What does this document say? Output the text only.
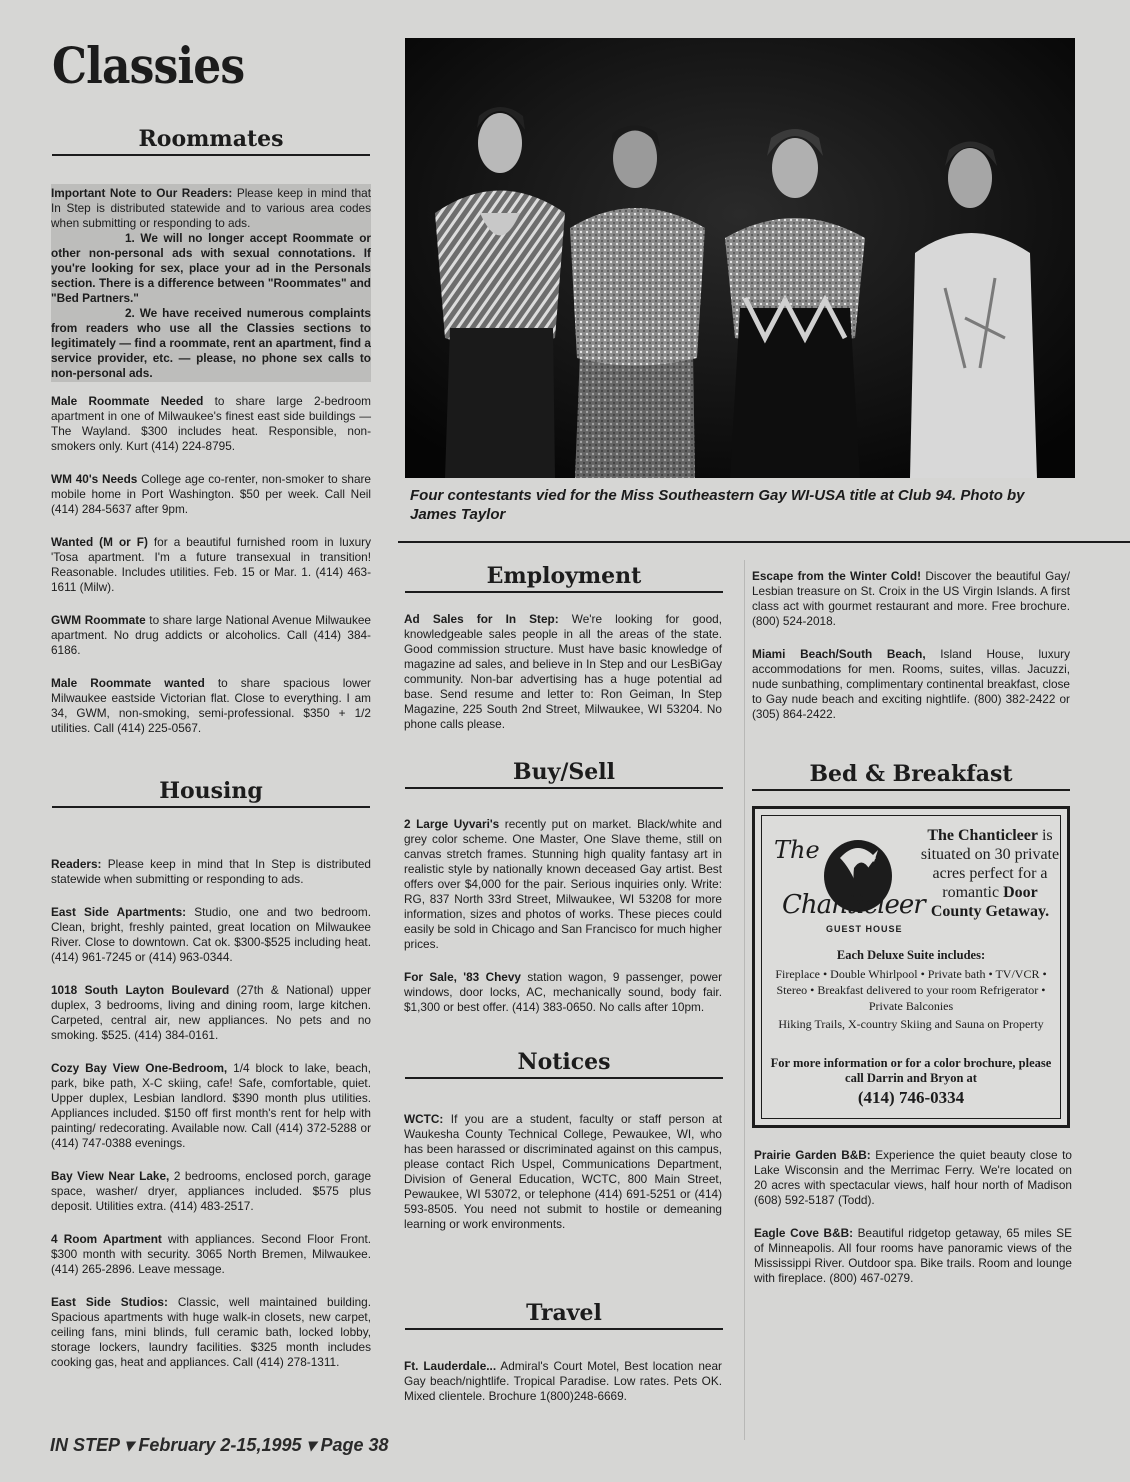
Classies
Roommates

Important Note to Our Readers: Please keep in mind that In Step is distributed statewide and to various area codes when submitting or responding to ads.
1. We will no longer accept Roommate or other non-personal ads with sexual connotations. If you're looking for sex, place your ad in the Personals section. There is a difference between "Roommates" and "Bed Partners."
2. We have received numerous complaints from readers who use all the Classies sections to legitimately — find a roommate, rent an apartment, find a service provider, etc. — please, no phone sex calls to non-personal ads.

Male Roommate Needed to share large 2-bedroom apartment in one of Milwaukee's finest east side buildings — The Wayland. $300 includes heat. Responsible, non-smokers only. Kurt (414) 224-8795.

WM 40's Needs College age co-renter, non-smoker to share mobile home in Port Washington. $50 per week. Call Neil (414) 284-5637 after 9pm.

Wanted (M or F) for a beautiful furnished room in luxury 'Tosa apartment. I'm a future transexual in transition! Reasonable. Includes utilities. Feb. 15 or Mar. 1. (414) 463-1611 (Milw).

GWM Roommate to share large National Avenue Milwaukee apartment. No drug addicts or alcoholics. Call (414) 384-6186.

Male Roommate wanted to share spacious lower Milwaukee eastside Victorian flat. Close to everything. I am 34, GWM, non-smoking, semi-professional. $350 + 1/2 utilities. Call (414) 225-0567.

Housing

Readers: Please keep in mind that In Step is distributed statewide when submitting or responding to ads.

East Side Apartments: Studio, one and two bedroom. Clean, bright, freshly painted, great location on Milwaukee River. Close to downtown. Cat ok. $300-$525 including heat. (414) 961-7245 or (414) 963-0344.

1018 South Layton Boulevard (27th & National) upper duplex, 3 bedrooms, living and dining room, large kitchen. Carpeted, central air, new appliances. No pets and no smoking. $525. (414) 384-0161.

Cozy Bay View One-Bedroom, 1/4 block to lake, beach, park, bike path, X-C skiing, cafe! Safe, comfortable, quiet. Upper duplex, Lesbian landlord. $390 month plus utilities. Appliances included. $150 off first month's rent for help with painting/ redecorating. Available now. Call (414) 372-5288 or (414) 747-0388 evenings.

Bay View Near Lake, 2 bedrooms, enclosed porch, garage space, washer/ dryer, appliances included. $575 plus deposit. Utilities extra. (414) 483-2517.

4 Room Apartment with appliances. Second Floor Front. $300 month with security. 3065 North Bremen, Milwaukee. (414) 265-2896. Leave message.

East Side Studios: Classic, well maintained building. Spacious apartments with huge walk-in closets, new carpet, ceiling fans, mini blinds, full ceramic bath, locked lobby, storage lockers, laundry facilities. $325 month includes cooking gas, heat and appliances. Call (414) 278-1311.

Four contestants vied for the Miss Southeastern Gay WI-USA title at Club 94. Photo by James Taylor
Employment

Ad Sales for In Step: We're looking for good, knowledgeable sales people in all the areas of the state. Good commission structure. Must have basic knowledge of magazine ad sales, and believe in In Step and our LesBiGay community. Non-bar advertising has a huge potential ad base. Send resume and letter to: Ron Geiman, In Step Magazine, 225 South 2nd Street, Milwaukee, WI 53204. No phone calls please.

Buy/Sell

2 Large Uyvari's recently put on market. Black/white and grey color scheme. One Master, One Slave theme, still on canvas stretch frames. Stunning high quality fantasy art in realistic style by nationally known deceased Gay artist. Best offers over $4,000 for the pair. Serious inquiries only. Write: RG, 837 North 33rd Street, Milwaukee, WI 53208 for more information, sizes and photos of works. These pieces could easily be sold in Chicago and San Francisco for much higher prices.

For Sale, '83 Chevy station wagon, 9 passenger, power windows, door locks, AC, mechanically sound, body fair. $1,300 or best offer. (414) 383-0650. No calls after 10pm.

Notices

WCTC: If you are a student, faculty or staff person at Waukesha County Technical College, Pewaukee, WI, who has been harassed or discriminated against on this campus, please contact Rich Uspel, Communications Department, Division of General Education, WCTC, 800 Main Street, Pewaukee, WI 53072, or telephone (414) 691-5251 or (414) 593-8505. You need not submit to hostile or demeaning learning or work environments.

Travel

Ft. Lauderdale... Admiral's Court Motel, Best location near Gay beach/nightlife. Tropical Paradise. Low rates. Pets OK. Mixed clientele. Brochure 1(800)248-6669.

Escape from the Winter Cold! Discover the beautiful Gay/ Lesbian treasure on St. Croix in the US Virgin Islands. A first class act with gourmet restaurant and more. Free brochure. (800) 524-2018.

Miami Beach/South Beach, Island House, luxury accommodations for men. Rooms, suites, villas. Jacuzzi, nude sunbathing, complimentary continental breakfast, close to Gay nude beach and exciting nightlife. (800) 382-2422 or (305) 864-2422.

Bed & Breakfast
The
Chanticleer
GUEST HOUSE
The Chanticleer is situated on 30 private acres perfect for a romantic Door County Getaway.
Each Deluxe Suite includes:
Fireplace • Double Whirlpool • Private bath • TV/VCR • Stereo • Breakfast delivered to your room Refrigerator • Private Balconies
Hiking Trails, X-country Skiing and Sauna on Property
For more information or for a color brochure, please call Darrin and Bryon at
(414) 746-0334

Prairie Garden B&B: Experience the quiet beauty close to Lake Wisconsin and the Merrimac Ferry. We're located on 20 acres with spectacular views, half hour north of Madison (608) 592-5187 (Todd).

Eagle Cove B&B: Beautiful ridgetop getaway, 65 miles SE of Minneapolis. All four rooms have panoramic views of the Mississippi River. Outdoor spa. Bike trails. Room and lounge with fireplace. (800) 467-0279.

IN STEP ▾ February 2-15,1995 ▾ Page 38
